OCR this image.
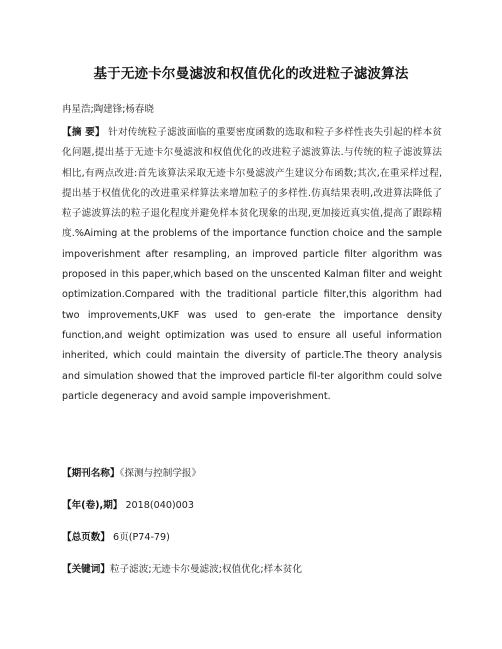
基于无迹卡尔曼滤波和权值优化的改进粒子滤波算法
冉星浩;陶建锋;杨春晓

【摘 要】 针对传统粒子滤波面临的重要密度函数的选取和粒子多样性丧失引起的样本贫化问题,提出基于无迹卡尔曼滤波和权值优化的改进粒子滤波算法.与传统的粒子滤波算法相比,有两点改进:首先该算法采取无迹卡尔曼滤波产生建议分布函数;其次,在重采样过程,提出基于权值优化的改进重采样算法来增加粒子的多样性.仿真结果表明,改进算法降低了粒子滤波算法的粒子退化程度并避免样本贫化现象的出现,更加接近真实值,提高了跟踪精度.%Aiming at the problems of the importance function choice and the sample impoverishment after resampling, an improved particle filter algorithm was proposed in this paper,which based on the unscented Kalman filter and weight optimization.Compared with the traditional particle filter,this algorithm had two improvements,UKF was used to gen-erate the importance density function,and weight optimization was used to ensure all useful information inherited, which could maintain the diversity of particle.The theory analysis and simulation showed that the improved particle fil-ter algorithm could solve particle degeneracy and avoid sample impoverishment.

【期刊名称】《探测与控制学报》
【年(卷),期】 2018(040)003
【总页数】 6页(P74-79)
【关键词】粒子滤波;无迹卡尔曼滤波;权值优化;样本贫化
